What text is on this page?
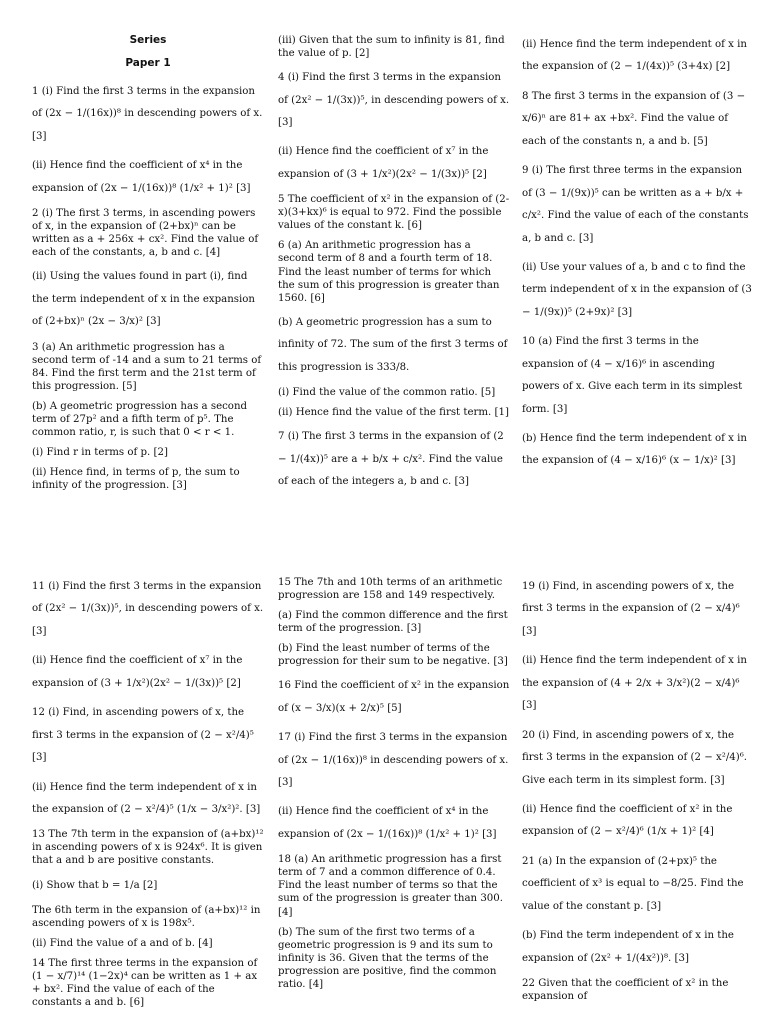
Series
Paper 1
1 (i) Find the first 3 terms in the expansion of (2x − 1/(16x))⁸ in descending powers of x. [3]
(ii) Hence find the coefficient of x⁴ in the expansion of (2x − 1/(16x))⁸ (1/x² + 1)² [3]
2 (i) The first 3 terms, in ascending powers of x, in the expansion of (2+bx)ⁿ can be written as a + 256x + cx². Find the value of each of the constants, a, b and c. [4]
(ii) Using the values found in part (i), find the term independent of x in the expansion of (2+bx)ⁿ (2x − 3/x)² [3]
3 (a) An arithmetic progression has a second term of -14 and a sum to 21 terms of 84. Find the first term and the 21st term of this progression. [5]
(b) A geometric progression has a second term of 27p² and a fifth term of p⁵. The common ratio, r, is such that 0 < r < 1.
(i) Find r in terms of p. [2]
(ii) Hence find, in terms of p, the sum to infinity of the progression. [3]
(iii) Given that the sum to infinity is 81, find the value of p. [2]
4 (i) Find the first 3 terms in the expansion of (2x² − 1/(3x))⁵, in descending powers of x. [3]
(ii) Hence find the coefficient of x⁷ in the expansion of (3 + 1/x²)(2x² − 1/(3x))⁵ [2]
5 The coefficient of x² in the expansion of (2-x)(3+kx)⁶ is equal to 972. Find the possible values of the constant k. [6]
6 (a) An arithmetic progression has a second term of 8 and a fourth term of 18. Find the least number of terms for which the sum of this progression is greater than 1560. [6]
(b) A geometric progression has a sum to infinity of 72. The sum of the first 3 terms of this progression is 333/8.
(i) Find the value of the common ratio. [5]
(ii) Hence find the value of the first term. [1]
7 (i) The first 3 terms in the expansion of (2 − 1/(4x))⁵ are a + b/x + c/x². Find the value of each of the integers a, b and c. [3]
(ii) Hence find the term independent of x in the expansion of (2 − 1/(4x))⁵ (3+4x) [2]
8 The first 3 terms in the expansion of (3 − x/6)ⁿ are 81+ ax +bx². Find the value of each of the constants n, a and b. [5]
9 (i) The first three terms in the expansion of (3 − 1/(9x))⁵ can be written as a + b/x + c/x². Find the value of each of the constants a, b and c. [3]
(ii) Use your values of a, b and c to find the term independent of x in the expansion of (3 − 1/(9x))⁵ (2+9x)² [3]
10 (a) Find the first 3 terms in the expansion of (4 − x/16)⁶ in ascending powers of x. Give each term in its simplest form. [3]
(b) Hence find the term independent of x in the expansion of (4 − x/16)⁶ (x − 1/x)² [3]
11 (i) Find the first 3 terms in the expansion of (2x² − 1/(3x))⁵, in descending powers of x. [3]
(ii) Hence find the coefficient of x⁷ in the expansion of (3 + 1/x²)(2x² − 1/(3x))⁵ [2]
12 (i) Find, in ascending powers of x, the first 3 terms in the expansion of (2 − x²/4)⁵ [3]
(ii) Hence find the term independent of x in the expansion of (2 − x²/4)⁵ (1/x − 3/x²)². [3]
13 The 7th term in the expansion of (a+bx)¹² in ascending powers of x is 924x⁶. It is given that a and b are positive constants.
(i) Show that b = 1/a [2]
The 6th term in the expansion of (a+bx)¹² in ascending powers of x is 198x⁵.
(ii) Find the value of a and of b. [4]
14 The first three terms in the expansion of (1 − x/7)¹⁴ (1−2x)⁴ can be written as 1 + ax + bx². Find the value of each of the constants a and b. [6]
15 The 7th and 10th terms of an arithmetic progression are 158 and 149 respectively.
(a) Find the common difference and the first term of the progression. [3]
(b) Find the least number of terms of the progression for their sum to be negative. [3]
16 Find the coefficient of x² in the expansion of (x − 3/x)(x + 2/x)⁵ [5]
17 (i) Find the first 3 terms in the expansion of (2x − 1/(16x))⁸ in descending powers of x. [3]
(ii) Hence find the coefficient of x⁴ in the expansion of (2x − 1/(16x))⁸ (1/x² + 1)² [3]
18 (a) An arithmetic progression has a first term of 7 and a common difference of 0.4. Find the least number of terms so that the sum of the progression is greater than 300. [4]
(b) The sum of the first two terms of a geometric progression is 9 and its sum to infinity is 36. Given that the terms of the progression are positive, find the common ratio. [4]
19 (i) Find, in ascending powers of x, the first 3 terms in the expansion of (2 − x/4)⁶ [3]
(ii) Hence find the term independent of x in the expansion of (4 + 2/x + 3/x²)(2 − x/4)⁶ [3]
20 (i) Find, in ascending powers of x, the first 3 terms in the expansion of (2 − x²/4)⁶. Give each term in its simplest form. [3]
(ii) Hence find the coefficient of x² in the expansion of (2 − x²/4)⁶ (1/x + 1)² [4]
21 (a) In the expansion of (2+px)⁵ the coefficient of x³ is equal to −8/25. Find the value of the constant p. [3]
(b) Find the term independent of x in the expansion of (2x² + 1/(4x²))⁸. [3]
22 Given that the coefficient of x² in the expansion of
